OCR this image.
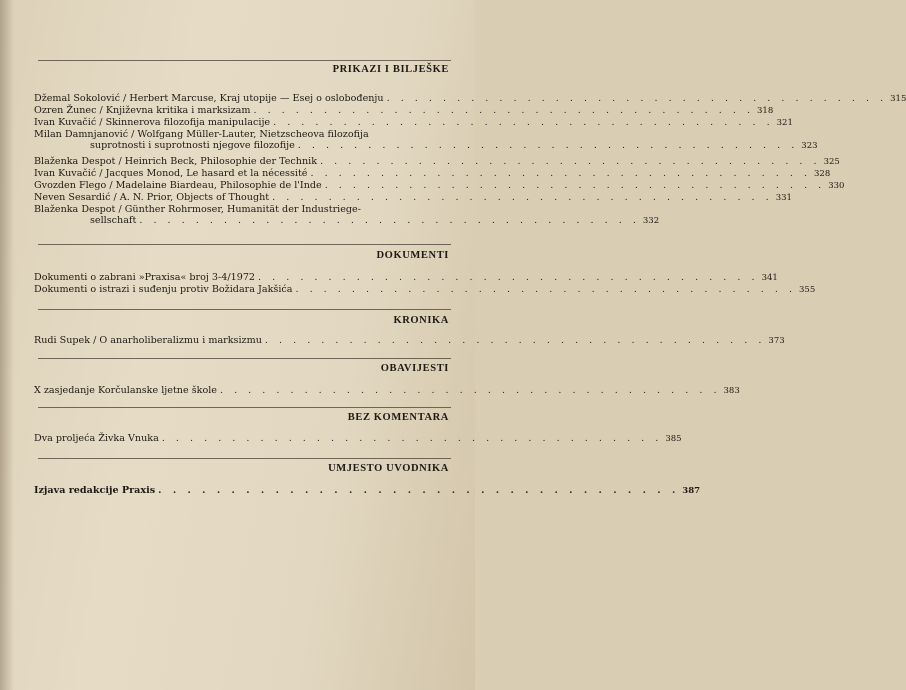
PRIKAZI I BILJEŠKE
Džemal Sokolović / Herbert Marcuse, Kraj utopije — Esej o oslobođenju . . . . . . . . . . . . . . . . . . . . . . . . . . . . . . . . . . . . 315
Ozren Žunec / Književna kritika i marksizam . . . . . . . . . . . . . . . . . . . . . . . . . . . . . . . . . . . . 318
Ivan Kuvačić / Skinnerova filozofija manipulacije . . . . . . . . . . . . . . . . . . . . . . . . . . . . . . . . . . . . 321
Milan Damnjanović / Wolfgang Müller-Lauter, Nietzscheova filozofija
suprotnosti i suprotnosti njegove filozofije . . . . . . . . . . . . . . . . . . . . . . . . . . . . . . . . . . . . 323
Blaženka Despot / Heinrich Beck, Philosophie der Technik . . . . . . . . . . . . . . . . . . . . . . . . . . . . . . . . . . . . 325
Ivan Kuvačić / Jacques Monod, Le hasard et la nécessité . . . . . . . . . . . . . . . . . . . . . . . . . . . . . . . . . . . . 328
Gvozden Flego / Madelaine Biardeau, Philosophie de l'Inde . . . . . . . . . . . . . . . . . . . . . . . . . . . . . . . . . . . . 330
Neven Sesardić / A. N. Prior, Objects of Thought . . . . . . . . . . . . . . . . . . . . . . . . . . . . . . . . . . . . 331
Blaženka Despot / Günther Rohrmoser, Humanität der Industriege-
sellschaft . . . . . . . . . . . . . . . . . . . . . . . . . . . . . . . . . . . . 332
DOKUMENTI
Dokumenti o zabrani »Praxisa« broj 3-4/1972 . . . . . . . . . . . . . . . . . . . . . . . . . . . . . . . . . . . . 341
Dokumenti o istrazi i suđenju protiv Božidara Jakšića . . . . . . . . . . . . . . . . . . . . . . . . . . . . . . . . . . . . 355
KRONIKA
Rudi Supek / O anarholiberalizmu i marksizmu . . . . . . . . . . . . . . . . . . . . . . . . . . . . . . . . . . . . 373
OBAVIJESTI
X zasjedanje Korčulanske ljetne škole . . . . . . . . . . . . . . . . . . . . . . . . . . . . . . . . . . . . 383
BEZ KOMENTARA
Dva proljeća Živka Vnuka . . . . . . . . . . . . . . . . . . . . . . . . . . . . . . . . . . . . 385
UMJESTO UVODNIKA
Izjava redakcije Praxis . . . . . . . . . . . . . . . . . . . . . . . . . . . . . . . . . . . . 387
